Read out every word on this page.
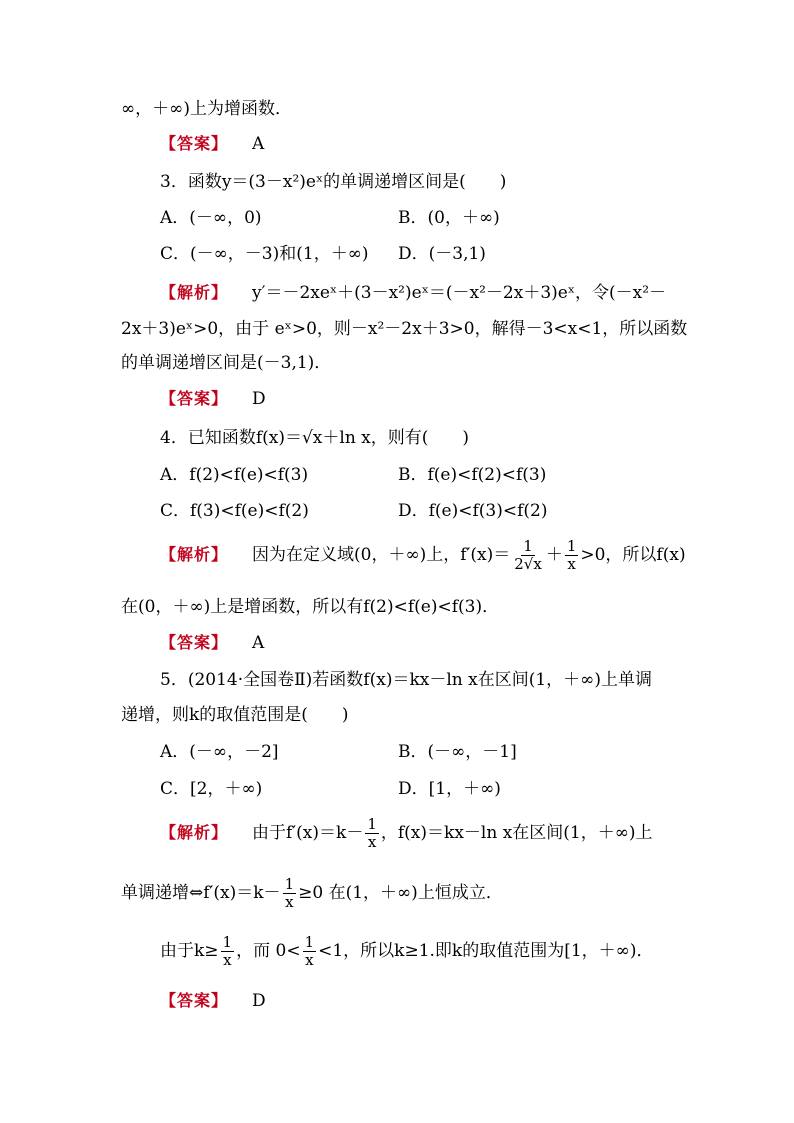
∞，＋∞)上为增函数．
【答案】 A
3．函数y＝(3－x²)eˣ的单调递增区间是(　　)
A．(－∞，0)	B．(0，＋∞)
C．(－∞，－3)和(1，＋∞) D．(－3,1)
【解析】 y′＝－2xeˣ＋(3－x²)eˣ＝(－x²－2x＋3)eˣ，令(－x²－
2x＋3)eˣ>0，由于 eˣ>0，则－x²－2x＋3>0，解得－3<x<1，所以函数
的单调递增区间是(－3,1)．
【答案】 D
4．已知函数f(x)＝√x＋ln x，则有(　　)
A．f(2)<f(e)<f(3)	B．f(e)<f(2)<f(3)
C．f(3)<f(e)<f(2)	D．f(e)<f(3)<f(2)
【解析】 因为在定义域(0，＋∞)上，$f'(x)= \frac{1}{2√x} + \frac{1}{x} >0$，所以f(x)
在(0，＋∞)上是增函数，所以有f(2)<f(e)<f(3)．
【答案】 A
5．(2014·全国卷Ⅱ)若函数f(x)＝kx－ln x在区间(1，＋∞)上单调
递增，则k的取值范围是(　　)
A．(－∞，－2]	B．(－∞，－1]
C．[2，＋∞)	D．[1，＋∞)
【解析】 由于$f'(x)=k- \frac{1}{x}$ ，f(x)＝kx－ln x在区间(1，＋∞)上
单调递增⇔f′(x)＝k－ $\frac{1}{x} \ge 0$ 在(1，＋∞)上恒成立．
由于$k\ge \frac{1}{x}$ ，而 $0< \frac{1}{x} <1$，所以k≥1.即k的取值范围为[1，＋∞)．
【答案】 D
